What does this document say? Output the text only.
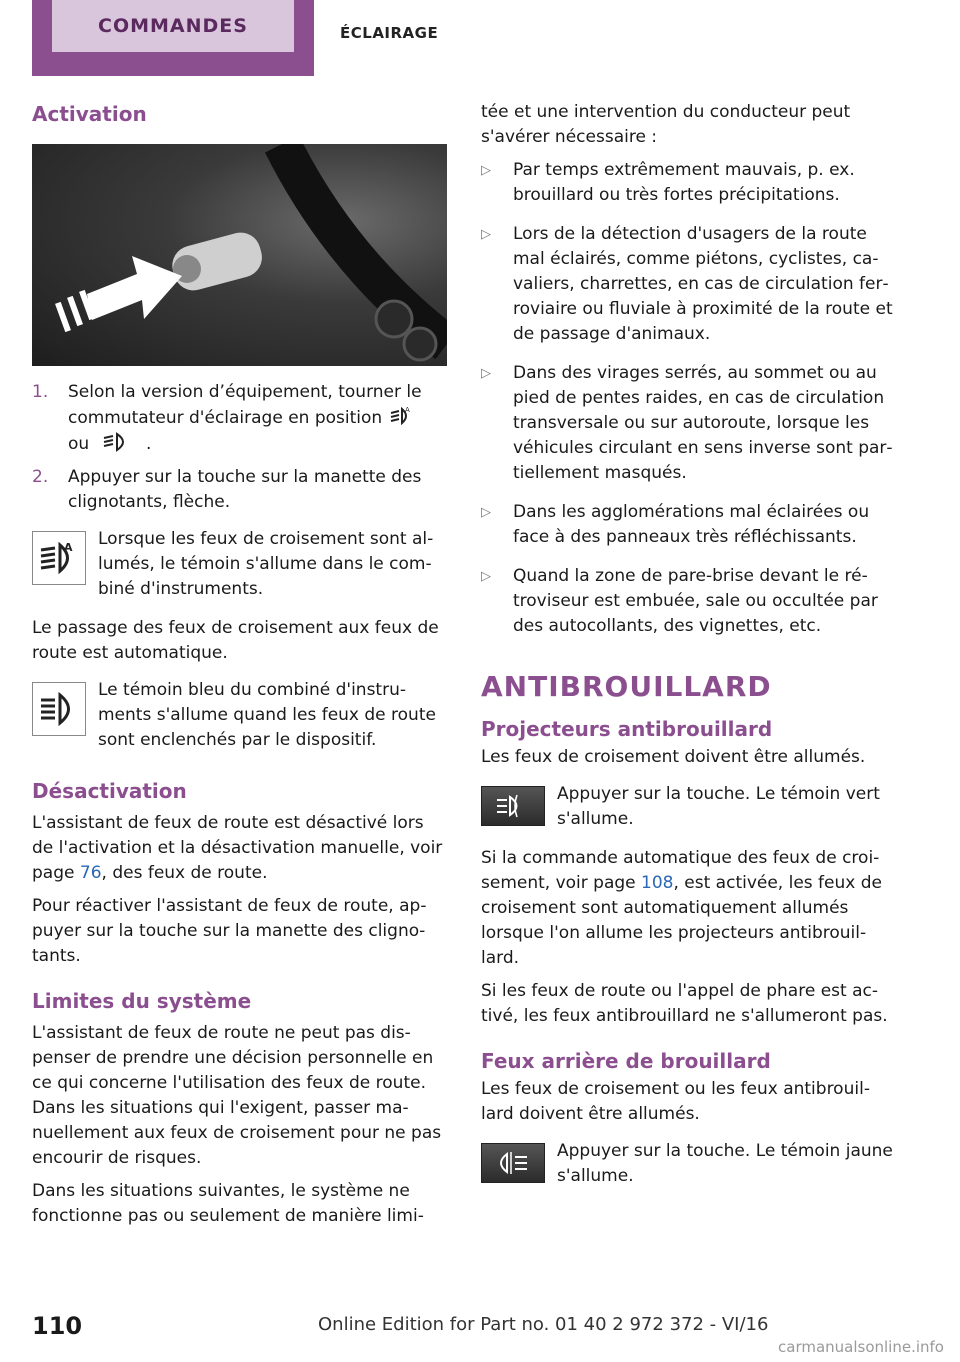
COMMANDES	ÉCLAIRAGE
Activation
1. Selon la version d’équipement, tourner le commutateur d'éclairage en position	A

ou	.
2. Appuyer sur la touche sur la manette des clignotants, flèche.
A Lorsque les feux de croisement sont allumés, le témoin s'allume dans le combiné d'instruments.

Le passage des feux de croisement aux feux de route est automatique.

Le témoin bleu du combiné d'instruments s'allume quand les feux de route sont enclenchés par le dispositif.
Désactivation

L'assistant de feux de route est désactivé lors de l'activation et la désactivation manuelle, voir page 76, des feux de route.

Pour réactiver l'assistant de feux de route, appuyer sur la touche sur la manette des clignotants.

Limites du système

L'assistant de feux de route ne peut pas dispenser de prendre une décision personnelle en ce qui concerne l'utilisation des feux de route. Dans les situations qui l'exigent, passer manuellement aux feux de croisement pour ne pas encourir de risques.

Dans les situations suivantes, le système ne fonctionne pas ou seulement de manière limi-

tée et une intervention du conducteur peut s'avérer nécessaire :

▷ Par temps extrêmement mauvais, p. ex. brouillard ou très fortes précipitations.
▷ Lors de la détection d'usagers de la route mal éclairés, comme piétons, cyclistes, cavaliers, charrettes, en cas de circulation ferroviaire ou fluviale à proximité de la route et de passage d'animaux.
▷ Dans des virages serrés, au sommet ou au pied de pentes raides, en cas de circulation transversale ou sur autoroute, lorsque les véhicules circulant en sens inverse sont partiellement masqués.
▷ Dans les agglomérations mal éclairées ou face à des panneaux très réfléchissants.
▷ Quand la zone de pare-brise devant le rétroviseur est embuée, sale ou occultée par des autocollants, des vignettes, etc.
ANTIBROUILLARD
Projecteurs antibrouillard

Les feux de croisement doivent être allumés.

Appuyer sur la touche. Le témoin vert s'allume.

Si la commande automatique des feux de croisement, voir page 108, est activée, les feux de croisement sont automatiquement allumés lorsque l'on allume les projecteurs antibrouillard.

Si les feux de route ou l'appel de phare est activé, les feux antibrouillard ne s'allumeront pas.

Feux arrière de brouillard

Les feux de croisement ou les feux antibrouillard doivent être allumés.

Appuyer sur la touche. Le témoin jaune s'allume.
110	Online Edition for Part no. 01 40 2 972 372 - VI/16
carmanualsonline.info
